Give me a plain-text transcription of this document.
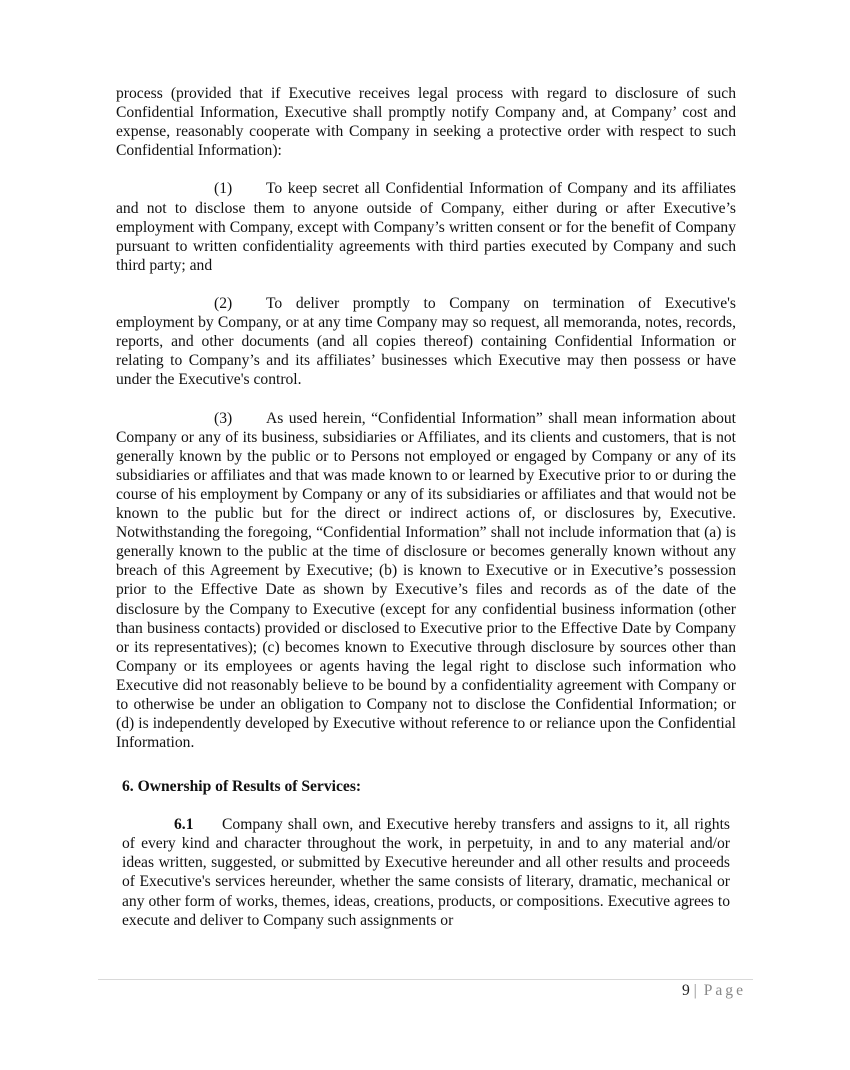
process (provided that if Executive receives legal process with regard to disclosure of such Confidential Information, Executive shall promptly notify Company and, at Company’ cost and expense, reasonably cooperate with Company in seeking a protective order with respect to such Confidential Information):

(1) To keep secret all Confidential Information of Company and its affiliates and not to disclose them to anyone outside of Company, either during or after Executive’s employment with Company, except with Company’s written consent or for the benefit of Company pursuant to written confidentiality agreements with third parties executed by Company and such third party; and

(2) To deliver promptly to Company on termination of Executive's employment by Company, or at any time Company may so request, all memoranda, notes, records, reports, and other documents (and all copies thereof) containing Confidential Information or relating to Company’s and its affiliates’ businesses which Executive may then possess or have under the Executive's control.

(3) As used herein, “Confidential Information” shall mean information about Company or any of its business, subsidiaries or Affiliates, and its clients and customers, that is not generally known by the public or to Persons not employed or engaged by Company or any of its subsidiaries or affiliates and that was made known to or learned by Executive prior to or during the course of his employment by Company or any of its subsidiaries or affiliates and that would not be known to the public but for the direct or indirect actions of, or disclosures by, Executive. Notwithstanding the foregoing, “Confidential Information” shall not include information that (a) is generally known to the public at the time of disclosure or becomes generally known without any breach of this Agreement by Executive; (b) is known to Executive or in Executive’s possession prior to the Effective Date as shown by Executive’s files and records as of the date of the disclosure by the Company to Executive (except for any confidential business information (other than business contacts) provided or disclosed to Executive prior to the Effective Date by Company or its representatives); (c) becomes known to Executive through disclosure by sources other than Company or its employees or agents having the legal right to disclose such information who Executive did not reasonably believe to be bound by a confidentiality agreement with Company or to otherwise be under an obligation to Company not to disclose the Confidential Information; or (d) is independently developed by Executive without reference to or reliance upon the Confidential Information.

6. Ownership of Results of Services:

6.1 Company shall own, and Executive hereby transfers and assigns to it, all rights of every kind and character throughout the work, in perpetuity, in and to any material and/or ideas written, suggested, or submitted by Executive hereunder and all other results and proceeds of Executive's services hereunder, whether the same consists of literary, dramatic, mechanical or any other form of works, themes, ideas, creations, products, or compositions. Executive agrees to execute and deliver to Company such assignments or

9 | Page
